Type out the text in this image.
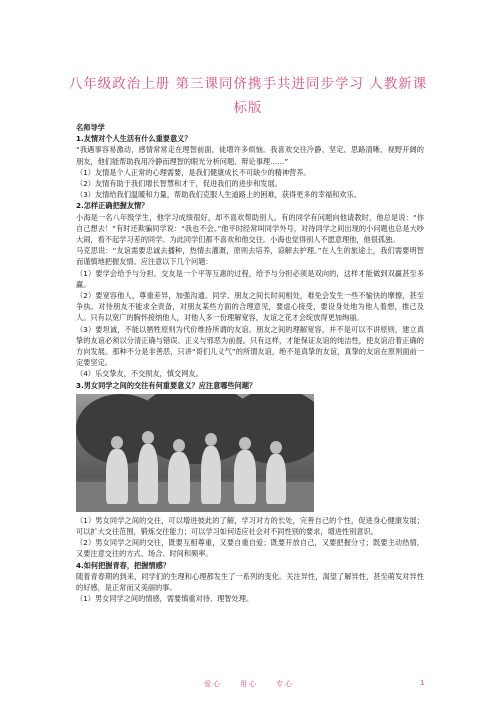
八年级政治上册 第三课同侪携手共进同步学习 人教新课
标版

名师导学

1.友情对个人生活有什么重要意义？

“我遇事容易激动，感情常常走在理智前面，徒增许多烦恼。我喜欢交往冷静、坚定、思路清晰、视野开阔的朋友，他们能帮助我用冷静而理智的眼光分析问题、辩论事理……”

（1）友情是个人正常的心理需要，是我们健康成长不可缺少的精神营养。

（2）友情有助于我们增长智慧和才干，促进我们的进步和发展。

（3）友情给我们温暖和力量，帮助我们克服人生道路上的困难，获得更多的幸福和欢乐。

2.怎样正确把握友情？

小海是一名八年级学生，他学习成绩很好，却不喜欢帮助别人。有的同学有问题向他请教时，他总是说：“你自己想去！”有时还欺骗同学说：“我也不会。”他平时经常叫同学外号，对待同学之间出现的小问题也总是大吵大闹，看不起学习差的同学。为此同学们都不喜欢和他交往。小海也觉得别人不愿意理他，他很孤独。

马克思说：“友谊需要忠诚去播种，热情去灌溉，原则去培养，谅解去护理。”在人生的旅途上，我们需要明智而谨慎地把握友情。应注意以下几个问题：

（1）要学会给予与分担。交友是一个平等互惠的过程，给予与分担必须是双向的，这样才能做到双赢甚至多赢。

（2）要宽容他人，尊重差异，加强沟通。同学、朋友之间长时间相处，难免会发生一些不愉快的摩擦，甚至争执。对待朋友不能求全责备，对朋友某些方面的合理意见，要虚心接受，要设身处地为他人着想，推己及人。只有以宽广的胸怀接纳他人，对他人多一份理解宽容，友谊之花才会绽放得更加绚丽。

（3）要坦诚，不能以牺牲原则为代价维持所谓的友谊。朋友之间的理解宽容，并不是可以不讲原则，建立真挚的友谊必须以分清正确与错误、正义与邪恶为前提。只有这样，才能保证友谊的纯洁性，使友谊沿着正确的方向发展。那种不分是非善恶，只讲“哥们儿义气”的所谓友谊，绝不是真挚的友谊，真挚的友谊在原则面前一定要坚定。

（4）乐交挚友，不交损友，慎交网友。

3.男女同学之间的交往有何重要意义？应注意哪些问题？

（1）男女同学之间的交往，可以增进彼此的了解，学习对方的长处，完善自己的个性，促进身心健康发展；可以扩大交往范围，锻炼交往能力；可以学习如何适应社会对不同性别的要求，增进性别意识。

（2）男女同学之间的交往，既要互相尊重，又要自重自爱；既要开放自己，又要把握分寸；既要主动热情，又要注意交往的方式、场合、时间和频率。

4.如何把握青春，把握情感？

随着青春期的到来，同学们的生理和心理都发生了一系列的变化。关注异性，渴望了解异性，甚至萌发对异性的好感，是正常而又美丽的事。

（1）男女同学之间的情感，需要慎重对待、理智处理。

爱心　　用心　　专心	1
